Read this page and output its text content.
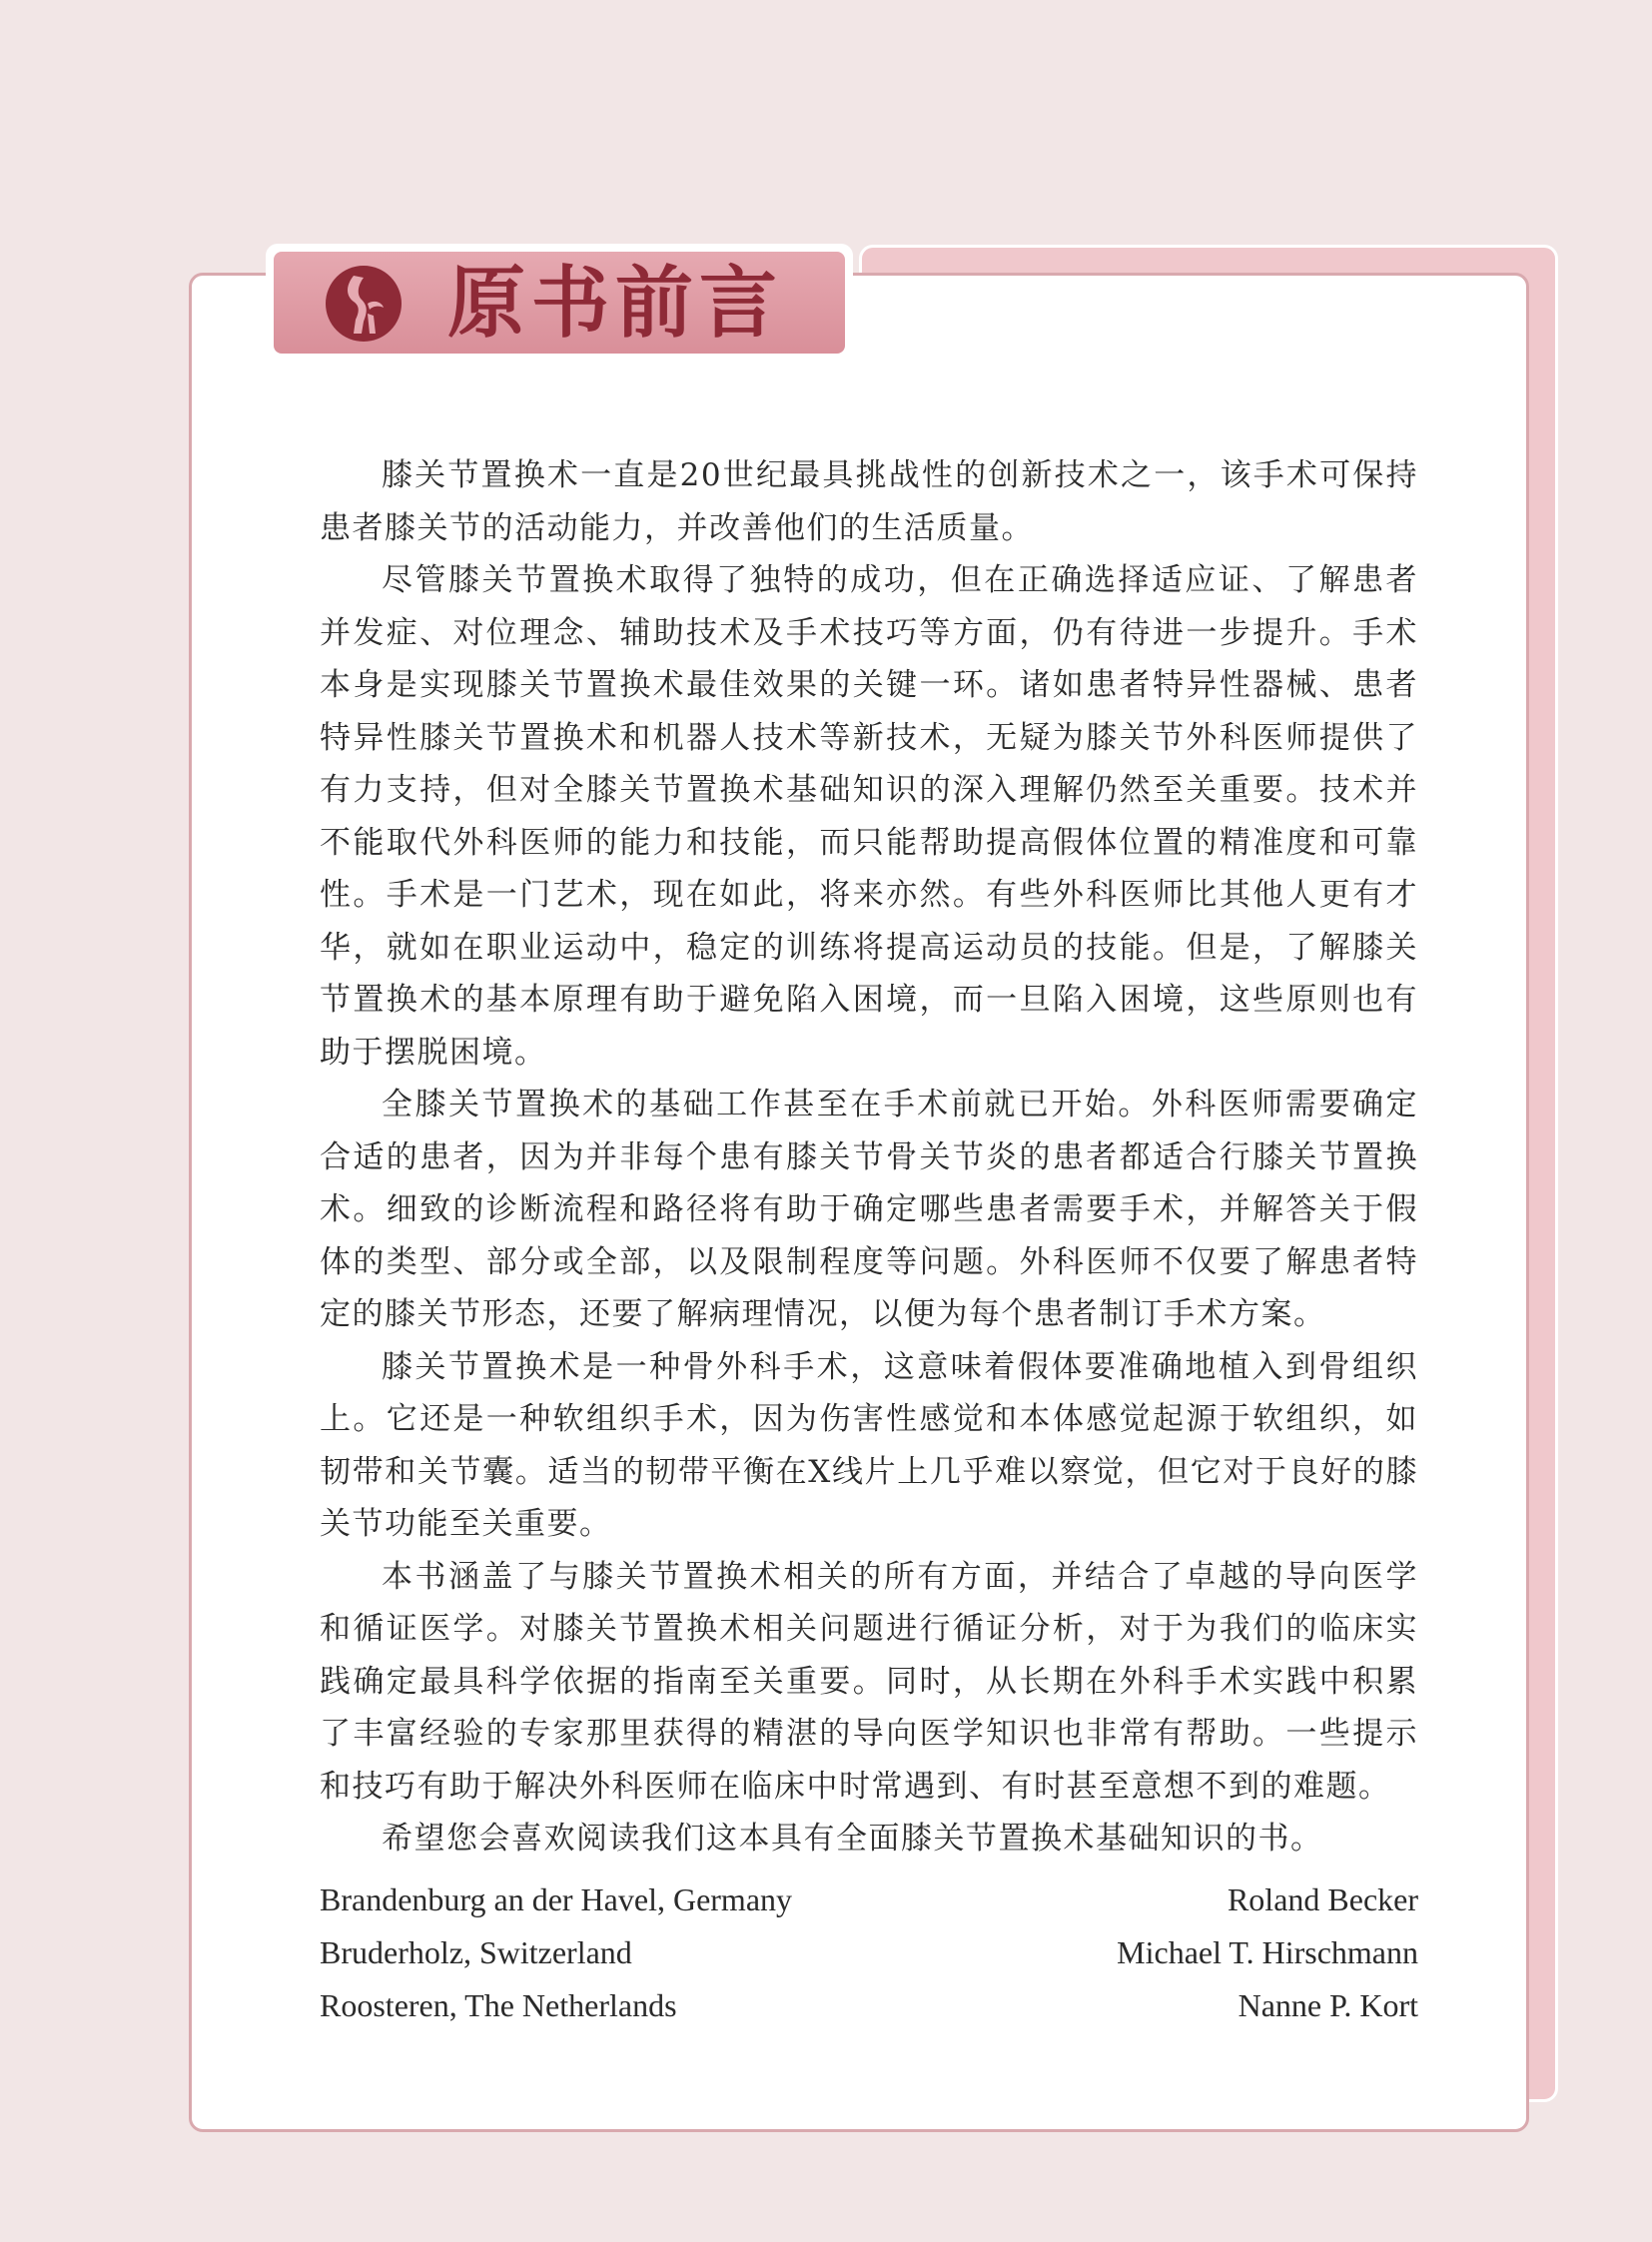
原书前言

膝关节置换术一直是20世纪最具挑战性的创新技术之一，该手术可保持患者膝关节的活动能力，并改善他们的生活质量。

尽管膝关节置换术取得了独特的成功，但在正确选择适应证、了解患者并发症、对位理念、辅助技术及手术技巧等方面，仍有待进一步提升。手术本身是实现膝关节置换术最佳效果的关键一环。诸如患者特异性器械、患者特异性膝关节置换术和机器人技术等新技术，无疑为膝关节外科医师提供了有力支持，但对全膝关节置换术基础知识的深入理解仍然至关重要。技术并不能取代外科医师的能力和技能，而只能帮助提高假体位置的精准度和可靠性。手术是一门艺术，现在如此，将来亦然。有些外科医师比其他人更有才华，就如在职业运动中，稳定的训练将提高运动员的技能。但是，了解膝关节置换术的基本原理有助于避免陷入困境，而一旦陷入困境，这些原则也有助于摆脱困境。

全膝关节置换术的基础工作甚至在手术前就已开始。外科医师需要确定合适的患者，因为并非每个患有膝关节骨关节炎的患者都适合行膝关节置换术。细致的诊断流程和路径将有助于确定哪些患者需要手术，并解答关于假体的类型、部分或全部，以及限制程度等问题。外科医师不仅要了解患者特定的膝关节形态，还要了解病理情况，以便为每个患者制订手术方案。

膝关节置换术是一种骨外科手术，这意味着假体要准确地植入到骨组织上。它还是一种软组织手术，因为伤害性感觉和本体感觉起源于软组织，如韧带和关节囊。适当的韧带平衡在X线片上几乎难以察觉，但它对于良好的膝关节功能至关重要。

本书涵盖了与膝关节置换术相关的所有方面，并结合了卓越的导向医学和循证医学。对膝关节置换术相关问题进行循证分析，对于为我们的临床实践确定最具科学依据的指南至关重要。同时，从长期在外科手术实践中积累了丰富经验的专家那里获得的精湛的导向医学知识也非常有帮助。一些提示和技巧有助于解决外科医师在临床中时常遇到、有时甚至意想不到的难题。

希望您会喜欢阅读我们这本具有全面膝关节置换术基础知识的书。

Brandenburg an der Havel, Germany	Roland Becker
Bruderholz, Switzerland	Michael T. Hirschmann
Roosteren, The Netherlands	Nanne P. Kort
